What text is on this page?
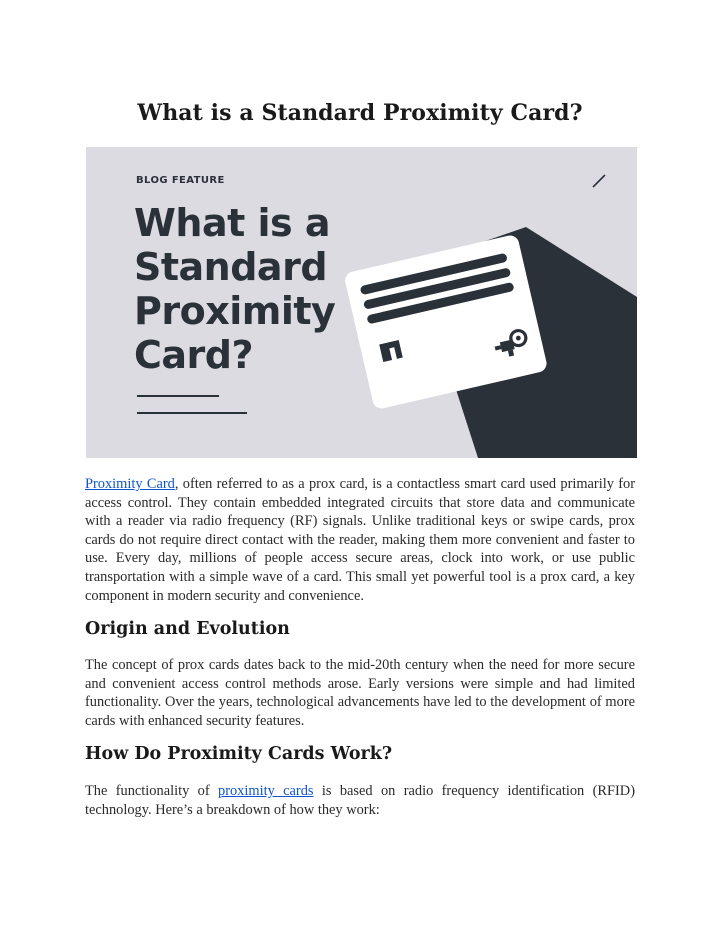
What is a Standard Proximity Card?
BLOG FEATURE
What is a
Standard
Proximity
Card?

Proximity Card, often referred to as a prox card, is a contactless smart card used primarily for access control. They contain embedded integrated circuits that store data and communicate with a reader via radio frequency (RF) signals. Unlike traditional keys or swipe cards, prox cards do not require direct contact with the reader, making them more convenient and faster to use. Every day, millions of people access secure areas, clock into work, or use public transportation with a simple wave of a card. This small yet powerful tool is a prox card, a key component in modern security and convenience.

Origin and Evolution

The concept of prox cards dates back to the mid-20th century when the need for more secure and convenient access control methods arose. Early versions were simple and had limited functionality. Over the years, technological advancements have led to the development of more cards with enhanced security features.

How Do Proximity Cards Work?

The functionality of proximity cards is based on radio frequency identification (RFID) technology. Here’s a breakdown of how they work:
